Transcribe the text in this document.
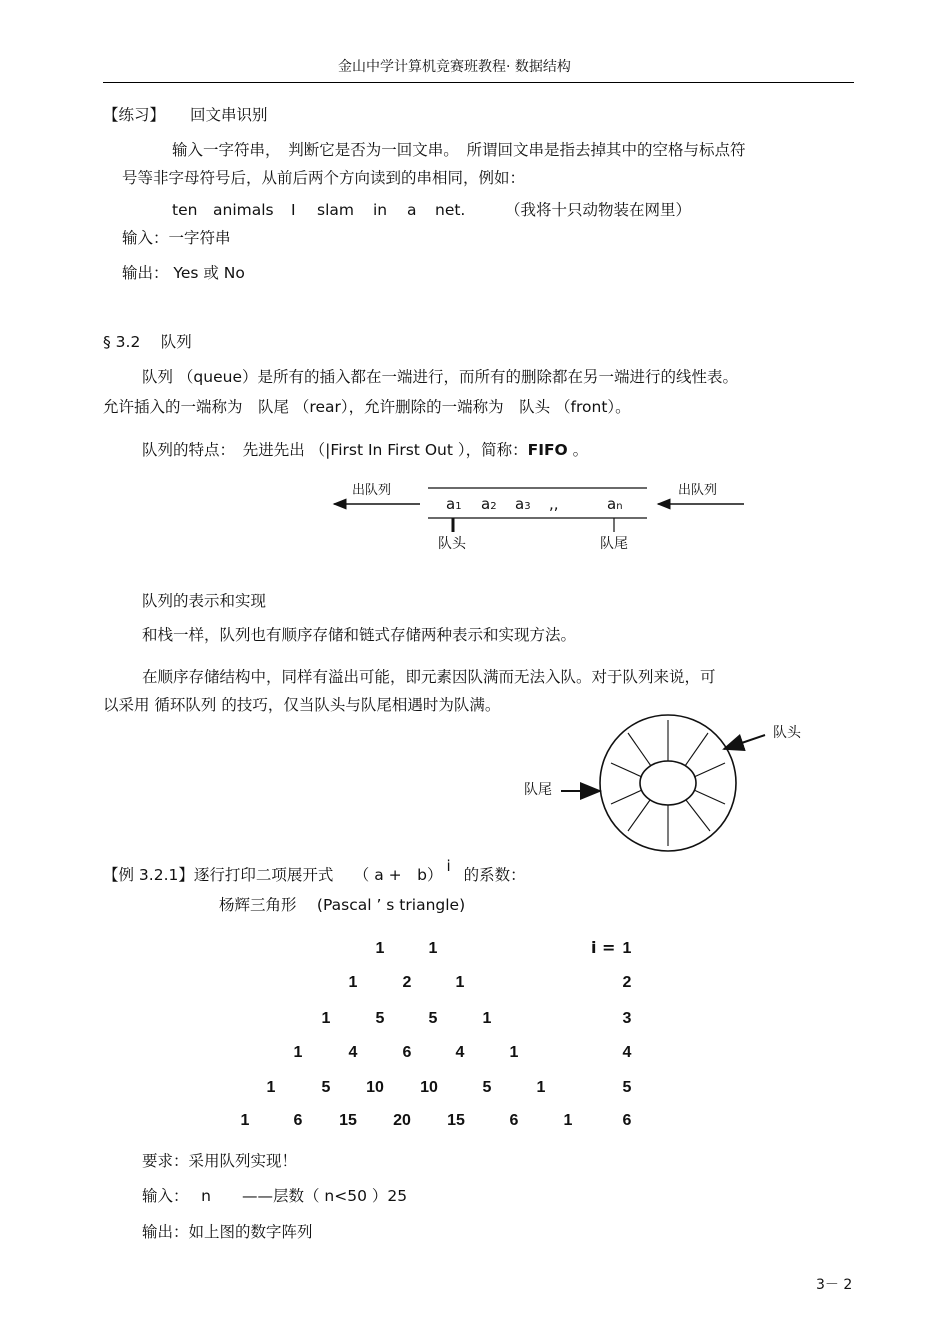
金山中学计算机竞赛班教程· 数据结构
【练习】 回文串识别
输入一字符串，　判断它是否为一回文串。　所谓回文串是指去掉其中的空格与标点符
号等非字母符号后，从前后两个方向读到的串相同，例如：
ten animals I slam in a net.	（我将十只动物装在网里）
输入：一字符串
输出： Yes 或 No
§ 3.2　 队列
队列 （queue）是所有的插入都在一端进行，而所有的删除都在另一端进行的线性表。
允许插入的一端称为　队尾 （rear），允许删除的一端称为　队头 （front）。
队列的特点：　先进先出 （|First In First Out ），简称：FIFO 。
出队列	出队列
a1 a2 a3 ,,	an
队头	队尾
队列的表示和实现
和栈一样，队列也有顺序存储和链式存储两种表示和实现方法。
在顺序存储结构中，同样有溢出可能，即元素因队满而无法入队。对于队列来说，可
以采用 循环队列 的技巧，仅当队头与队尾相遇时为队满。
队头
队尾
【例 3.2.1】逐行打印二项展开式　 （ a +　b） $^i$ 的系数：
杨辉三角形　 (Pascal ’ s triangle)
1	1	i = 1
1	2	1	2
1	5	5	1	3
1	4	6	4	1	4
1	5 10 10	5	1	5
1	6 15 20 15	6	1	6
要求：采用队列实现！
输入：　 n　　——层数（ n<50 ）25
输出：如上图的数字阵列
3－ 2
